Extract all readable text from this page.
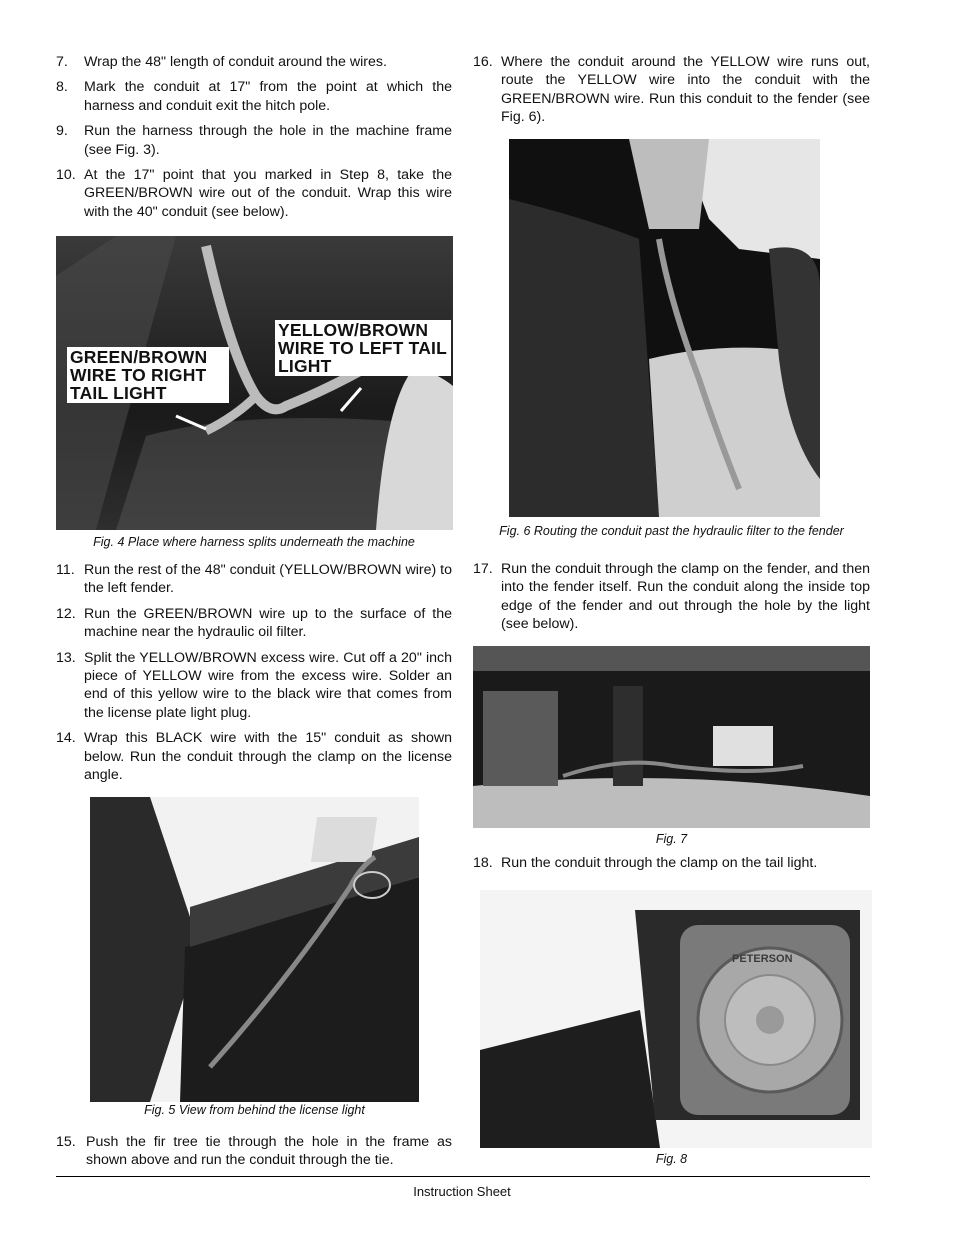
7. Wrap the 48" length of conduit around the wires.
8. Mark the conduit at 17" from the point at which the harness and conduit exit the hitch pole.
9. Run the harness through the hole in the machine frame (see Fig. 3).
10. At the 17" point that you marked in Step 8, take the GREEN/BROWN wire out of the conduit. Wrap this wire with the 40" conduit (see below).
GREEN/BROWN WIRE TO RIGHT TAIL LIGHT
YELLOW/BROWN WIRE TO LEFT TAIL LIGHT
Fig. 4 Place where harness splits underneath the machine
11. Run the rest of the 48" conduit (YELLOW/BROWN wire) to the left fender.
12. Run the GREEN/BROWN wire up to the surface of the machine near the hydraulic oil filter.
13. Split the YELLOW/BROWN excess wire. Cut off a 20" inch piece of YELLOW wire from the excess wire. Solder an end of this yellow wire to the black wire that comes from the license plate light plug.
14. Wrap this BLACK wire with the 15" conduit as shown below. Run the conduit through the clamp on the license angle.
Fig. 5 View from behind the license light
15. Push the fir tree tie through the hole in the frame as shown above and run the conduit through the tie.
16. Where the conduit around the YELLOW wire runs out, route the YELLOW wire into the conduit with the GREEN/BROWN wire. Run this conduit to the fender (see Fig. 6).
Fig. 6 Routing the conduit past the hydraulic filter to the fender
17. Run the conduit through the clamp on the fender, and then into the fender itself. Run the conduit along the inside top edge of the fender and out through the hole by the light (see below).
Fig. 7
18. Run the conduit through the clamp on the tail light.
PETERSON
Fig. 8
Instruction Sheet
